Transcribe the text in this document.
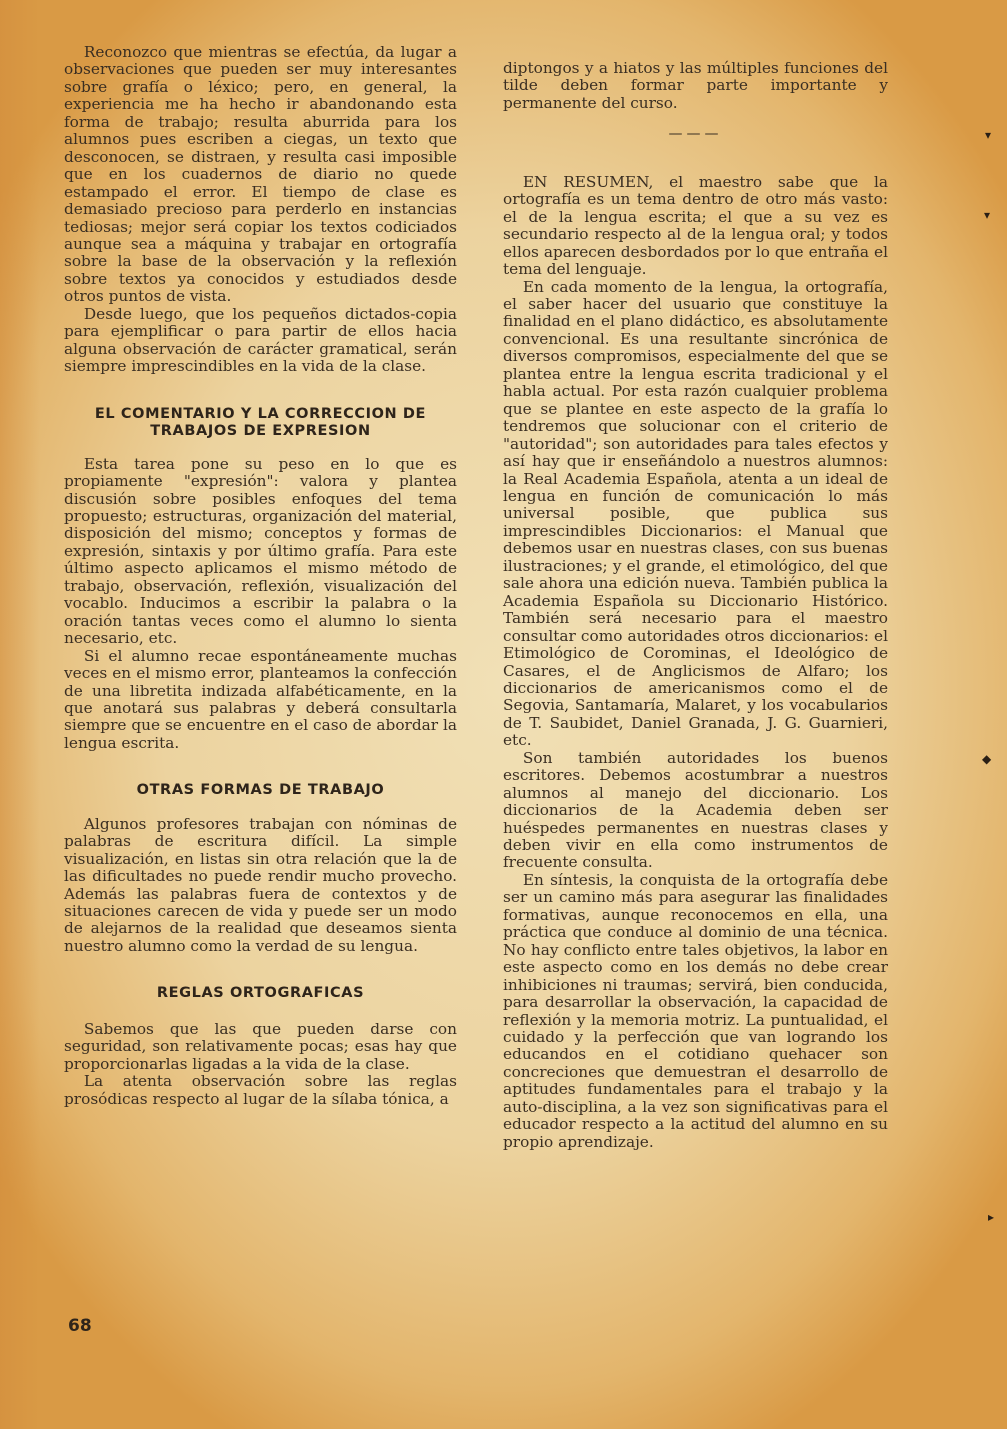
Reconozco que mientras se efectúa, da lugar a observaciones que pueden ser muy interesantes sobre grafía o léxico; pero, en general, la experiencia me ha hecho ir abandonando esta forma de trabajo; resulta aburrida para los alumnos pues escriben a ciegas, un texto que desconocen, se distraen, y resulta casi imposible que en los cuadernos de diario no quede estampado el error. El tiempo de clase es demasiado precioso para perderlo en instancias tediosas; mejor será copiar los textos codiciados aunque sea a máquina y trabajar en ortografía sobre la base de la observación y la reflexión sobre textos ya conocidos y estudiados desde otros puntos de vista.

Desde luego, que los pequeños dictados-copia para ejemplificar o para partir de ellos hacia alguna observación de carácter gramatical, serán siempre imprescindibles en la vida de la clase.

EL COMENTARIO Y LA CORRECCION DE
TRABAJOS DE EXPRESION

Esta tarea pone su peso en lo que es propiamente "expresión": valora y plantea discusión sobre posibles enfoques del tema propuesto; estructuras, organización del material, disposición del mismo; conceptos y formas de expresión, sintaxis y por último grafía. Para este último aspecto aplicamos el mismo método de trabajo, observación, reflexión, visualización del vocablo. Inducimos a escribir la palabra o la oración tantas veces como el alumno lo sienta necesario, etc.

Si el alumno recae espontáneamente muchas veces en el mismo error, planteamos la confección de una libretita indizada alfabéticamente, en la que anotará sus palabras y deberá consultarla siempre que se encuentre en el caso de abordar la lengua escrita.

OTRAS FORMAS DE TRABAJO

Algunos profesores trabajan con nóminas de palabras de escritura difícil. La simple visualización, en listas sin otra relación que la de las dificultades no puede rendir mucho provecho. Además las palabras fuera de contextos y de situaciones carecen de vida y puede ser un modo de alejarnos de la realidad que deseamos sienta nuestro alumno como la verdad de su lengua.

REGLAS ORTOGRAFICAS

Sabemos que las que pueden darse con seguridad, son relativamente pocas; esas hay que proporcionarlas ligadas a la vida de la clase.

La atenta observación sobre las reglas prosódicas respecto al lugar de la sílaba tónica, a

diptongos y a hiatos y las múltiples funciones del tilde deben formar parte importante y permanente del curso.

———

EN RESUMEN, el maestro sabe que la ortografía es un tema dentro de otro más vasto: el de la lengua escrita; el que a su vez es secundario respecto al de la lengua oral; y todos ellos aparecen desbordados por lo que entraña el tema del lenguaje.

En cada momento de la lengua, la ortografía, el saber hacer del usuario que constituye la finalidad en el plano didáctico, es absolutamente convencional. Es una resultante sincrónica de diversos compromisos, especialmente del que se plantea entre la lengua escrita tradicional y el habla actual. Por esta razón cualquier problema que se plantee en este aspecto de la grafía lo tendremos que solucionar con el criterio de "autoridad"; son autoridades para tales efectos y así hay que ir enseñándolo a nuestros alumnos: la Real Academia Española, atenta a un ideal de lengua en función de comunicación lo más universal posible, que publica sus imprescindibles Diccionarios: el Manual que debemos usar en nuestras clases, con sus buenas ilustraciones; y el grande, el etimológico, del que sale ahora una edición nueva. También publica la Academia Española su Diccionario Histórico. También será necesario para el maestro consultar como autoridades otros diccionarios: el Etimológico de Corominas, el Ideológico de Casares, el de Anglicismos de Alfaro; los diccionarios de americanismos como el de Segovia, Santamaría, Malaret, y los vocabularios de T. Saubidet, Daniel Granada, J. G. Guarnieri, etc.

Son también autoridades los buenos escritores. Debemos acostumbrar a nuestros alumnos al manejo del diccionario. Los diccionarios de la Academia deben ser huéspedes permanentes en nuestras clases y deben vivir en ella como instrumentos de frecuente consulta.

En síntesis, la conquista de la ortografía debe ser un camino más para asegurar las finalidades formativas, aunque reconocemos en ella, una práctica que conduce al dominio de una técnica. No hay conflicto entre tales objetivos, la labor en este aspecto como en los demás no debe crear inhibiciones ni traumas; servirá, bien conducida, para desarrollar la observación, la capacidad de reflexión y la memoria motriz. La puntualidad, el cuidado y la perfección que van logrando los educandos en el cotidiano quehacer son concreciones que demuestran el desarrollo de aptitudes fundamentales para el trabajo y la auto-disciplina, a la vez son significativas para el educador respecto a la actitud del alumno en su propio aprendizaje.

68
▾
▾
◆
▸
